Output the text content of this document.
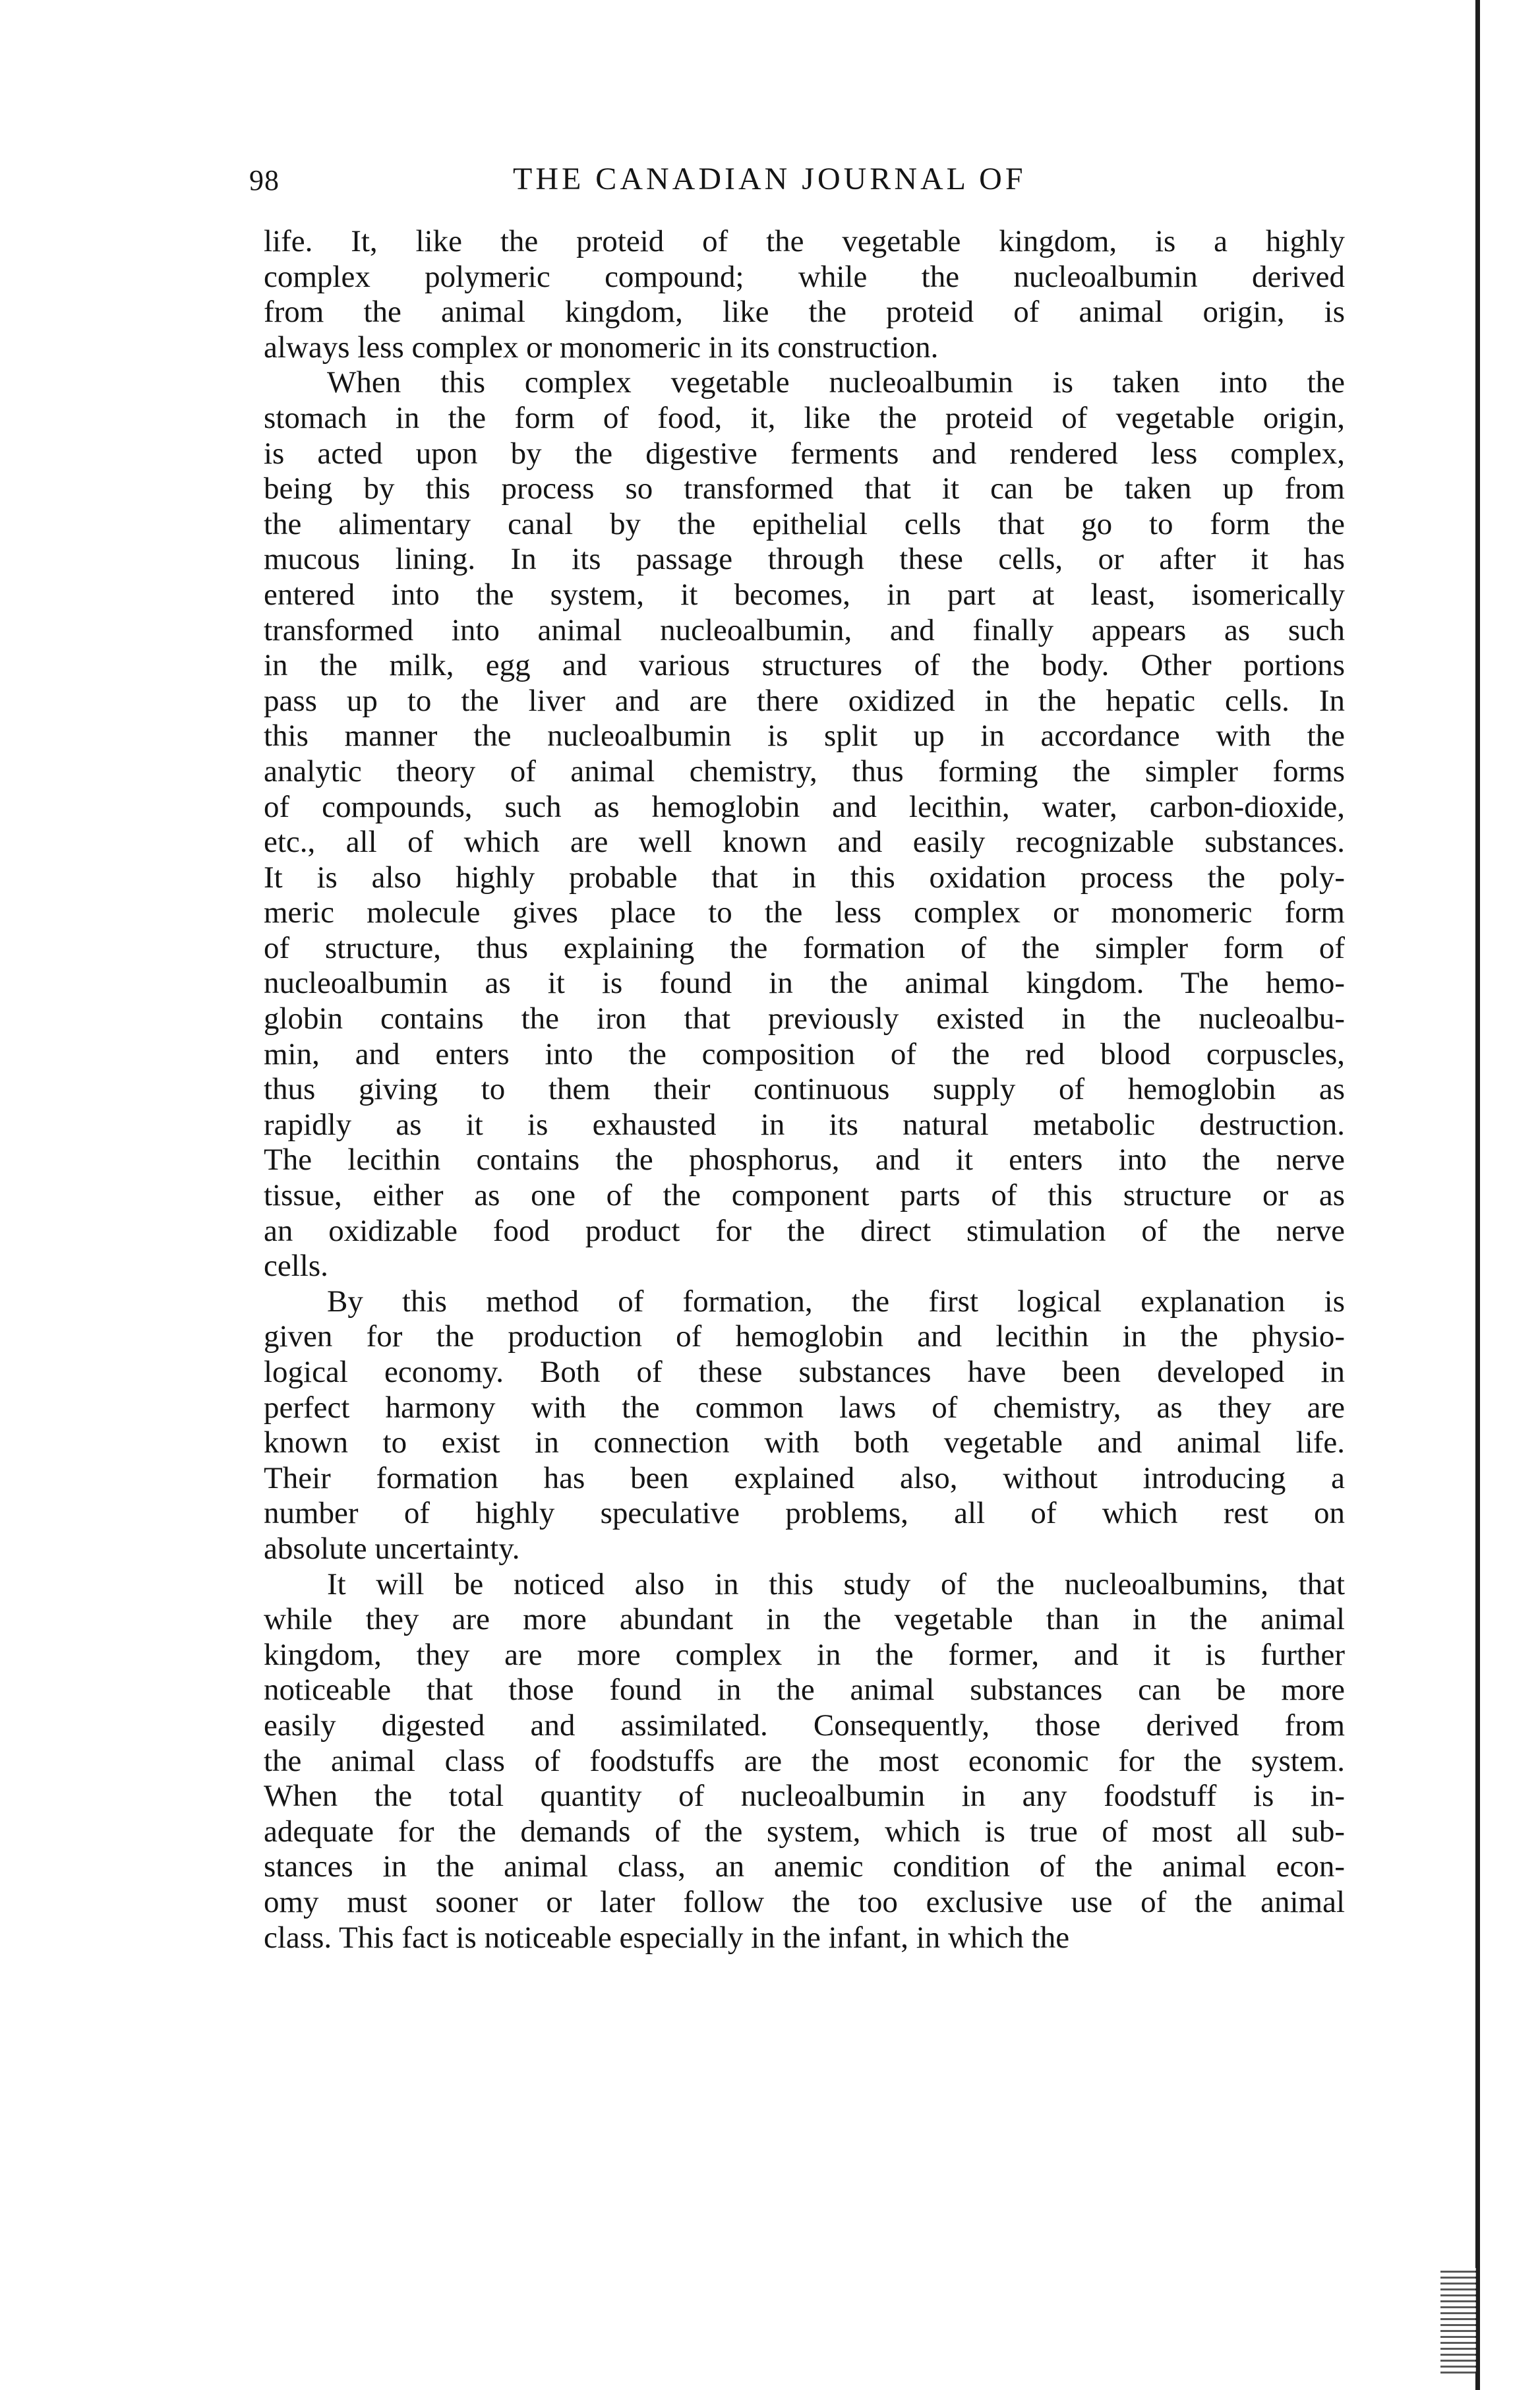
98	THE CANADIAN JOURNAL OF
life. It, like the proteid of the vegetable kingdom, is a highly
complex polymeric compound; while the nucleoalbumin derived
from the animal kingdom, like the proteid of animal origin, is
always less complex or monomeric in its construction.
When this complex vegetable nucleoalbumin is taken into the
stomach in the form of food, it, like the proteid of vegetable origin,
is acted upon by the digestive ferments and rendered less complex,
being by this process so transformed that it can be taken up from
the alimentary canal by the epithelial cells that go to form the
mucous lining. In its passage through these cells, or after it has
entered into the system, it becomes, in part at least, isomerically
transformed into animal nucleoalbumin, and finally appears as such
in the milk, egg and various structures of the body. Other portions
pass up to the liver and are there oxidized in the hepatic cells. In
this manner the nucleoalbumin is split up in accordance with the
analytic theory of animal chemistry, thus forming the simpler forms
of compounds, such as hemoglobin and lecithin, water, carbon-dioxide,
etc., all of which are well known and easily recognizable substances.
It is also highly probable that in this oxidation process the poly-
meric molecule gives place to the less complex or monomeric form
of structure, thus explaining the formation of the simpler form of
nucleoalbumin as it is found in the animal kingdom. The hemo-
globin contains the iron that previously existed in the nucleoalbu-
min, and enters into the composition of the red blood corpuscles,
thus giving to them their continuous supply of hemoglobin as
rapidly as it is exhausted in its natural metabolic destruction.
The lecithin contains the phosphorus, and it enters into the nerve
tissue, either as one of the component parts of this structure or as
an oxidizable food product for the direct stimulation of the nerve
cells.
By this method of formation, the first logical explanation is
given for the production of hemoglobin and lecithin in the physio-
logical economy. Both of these substances have been developed in
perfect harmony with the common laws of chemistry, as they are
known to exist in connection with both vegetable and animal life.
Their formation has been explained also, without introducing a
number of highly speculative problems, all of which rest on
absolute uncertainty.
It will be noticed also in this study of the nucleoalbumins, that
while they are more abundant in the vegetable than in the animal
kingdom, they are more complex in the former, and it is further
noticeable that those found in the animal substances can be more
easily digested and assimilated. Consequently, those derived from
the animal class of foodstuffs are the most economic for the system.
When the total quantity of nucleoalbumin in any foodstuff is in-
adequate for the demands of the system, which is true of most all sub-
stances in the animal class, an anemic condition of the animal econ-
omy must sooner or later follow the too exclusive use of the animal
class. This fact is noticeable especially in the infant, in which the
